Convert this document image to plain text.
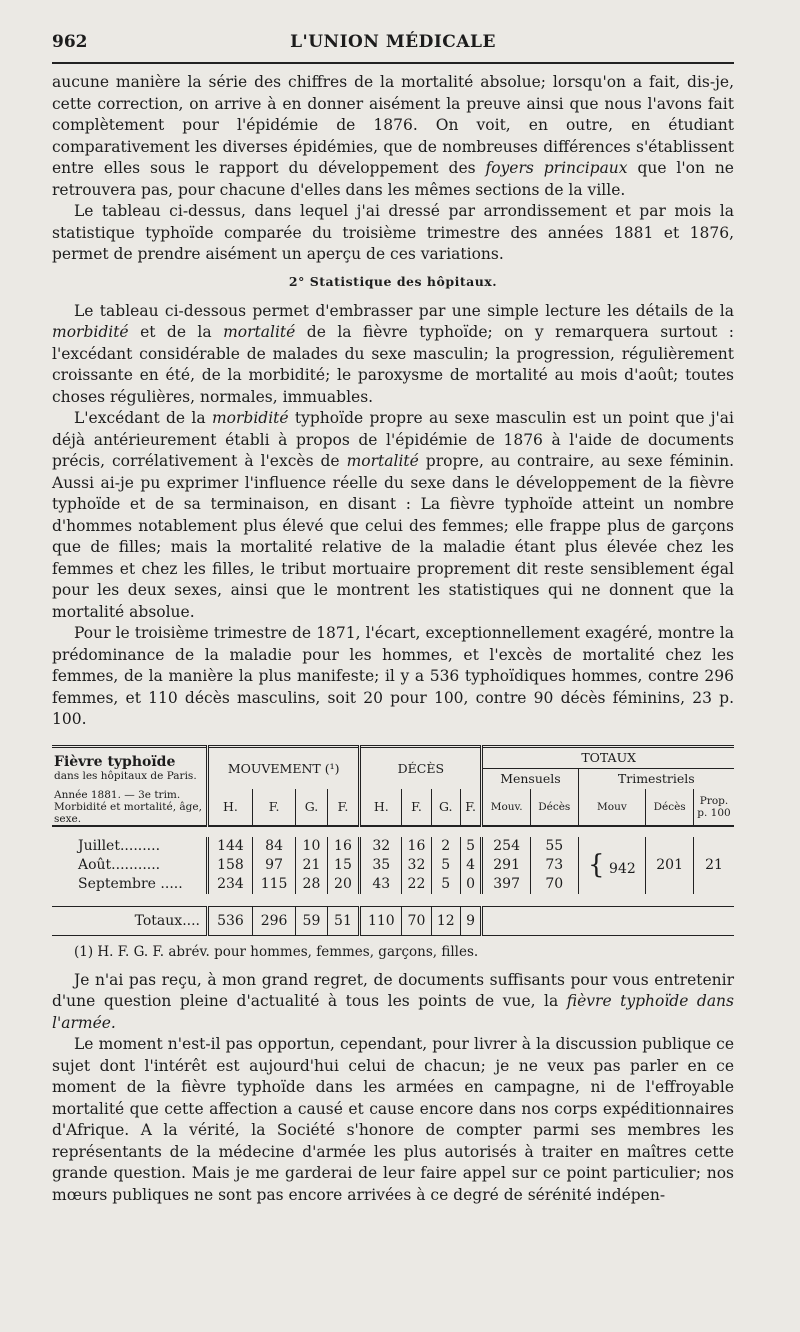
962	L'UNION MÉDICALE

aucune manière la série des chiffres de la mortalité absolue; lorsqu'on a fait, dis-je, cette correction, on arrive à en donner aisément la preuve ainsi que nous l'avons fait complètement pour l'épidémie de 1876. On voit, en outre, en étudiant comparativement les diverses épidémies, que de nombreuses différences s'établissent entre elles sous le rapport du développement des foyers principaux que l'on ne retrouvera pas, pour chacune d'elles dans les mêmes sections de la ville.

Le tableau ci-dessus, dans lequel j'ai dressé par arrondissement et par mois la statistique typhoïde comparée du troisième trimestre des années 1881 et 1876, permet de prendre aisément un aperçu de ces variations.

2° Statistique des hôpitaux.

Le tableau ci-dessous permet d'embrasser par une simple lecture les détails de la morbidité et de la mortalité de la fièvre typhoïde; on y remarquera surtout : l'excédant considérable de malades du sexe masculin; la progression, régulièrement croissante en été, de la morbidité; le paroxysme de mortalité au mois d'août; toutes choses régulières, normales, immuables.

L'excédant de la morbidité typhoïde propre au sexe masculin est un point que j'ai déjà antérieurement établi à propos de l'épidémie de 1876 à l'aide de documents précis, corrélativement à l'excès de mortalité propre, au contraire, au sexe féminin. Aussi ai-je pu exprimer l'influence réelle du sexe dans le développement de la fièvre typhoïde et de sa terminaison, en disant : La fièvre typhoïde atteint un nombre d'hommes notablement plus élevé que celui des femmes; elle frappe plus de garçons que de filles; mais la mortalité relative de la maladie étant plus élevée chez les femmes et chez les filles, le tribut mortuaire proprement dit reste sensiblement égal pour les deux sexes, ainsi que le montrent les statistiques qui ne donnent que la mortalité absolue.

Pour le troisième trimestre de 1871, l'écart, exceptionnellement exagéré, montre la prédominance de la maladie pour les hommes, et l'excès de mortalité chez les femmes, de la manière la plus manifeste; il y a 536 typhoïdiques hommes, contre 296 femmes, et 110 décès masculins, soit 20 pour 100, contre 90 décès féminins, 23 p. 100.

Fièvre typhoïde
dans les hôpitaux de Paris.	MOUVEMENT (¹)				DÉCÈS				TOTAUX				
									Mensuels		Trimestriels		

Année 1881. — 3e trim.
Morbidité et mortalité, âge, sexe.	H.	F.	G.	F.	H.	F.	G.	F.	Mouv.	Décès	Mouv	Décès	Prop. p. 100

Juillet.........	144	84	10	16	32	16	2	5	254	55	{ 942	201	21
Août...........	158	97	21	15	35	32	5	4	291	73			
Septembre .....	234	115	28	20	43	22	5	0	397	70			

Totaux....	536	296	59	51	110	70	12	9					
(1) H. F. G. F. abrév. pour hommes, femmes, garçons, filles.

Je n'ai pas reçu, à mon grand regret, de documents suffisants pour vous entretenir d'une question pleine d'actualité à tous les points de vue, la fièvre typhoïde dans l'armée.

Le moment n'est-il pas opportun, cependant, pour livrer à la discussion publique ce sujet dont l'intérêt est aujourd'hui celui de chacun; je ne veux pas parler en ce moment de la fièvre typhoïde dans les armées en campagne, ni de l'effroyable mortalité que cette affection a causé et cause encore dans nos corps expéditionnaires d'Afrique. A la vérité, la Société s'honore de compter parmi ses membres les représentants de la médecine d'armée les plus autorisés à traiter en maîtres cette grande question. Mais je me garderai de leur faire appel sur ce point particulier; nos mœurs publiques ne sont pas encore arrivées à ce degré de sérénité indépen-
